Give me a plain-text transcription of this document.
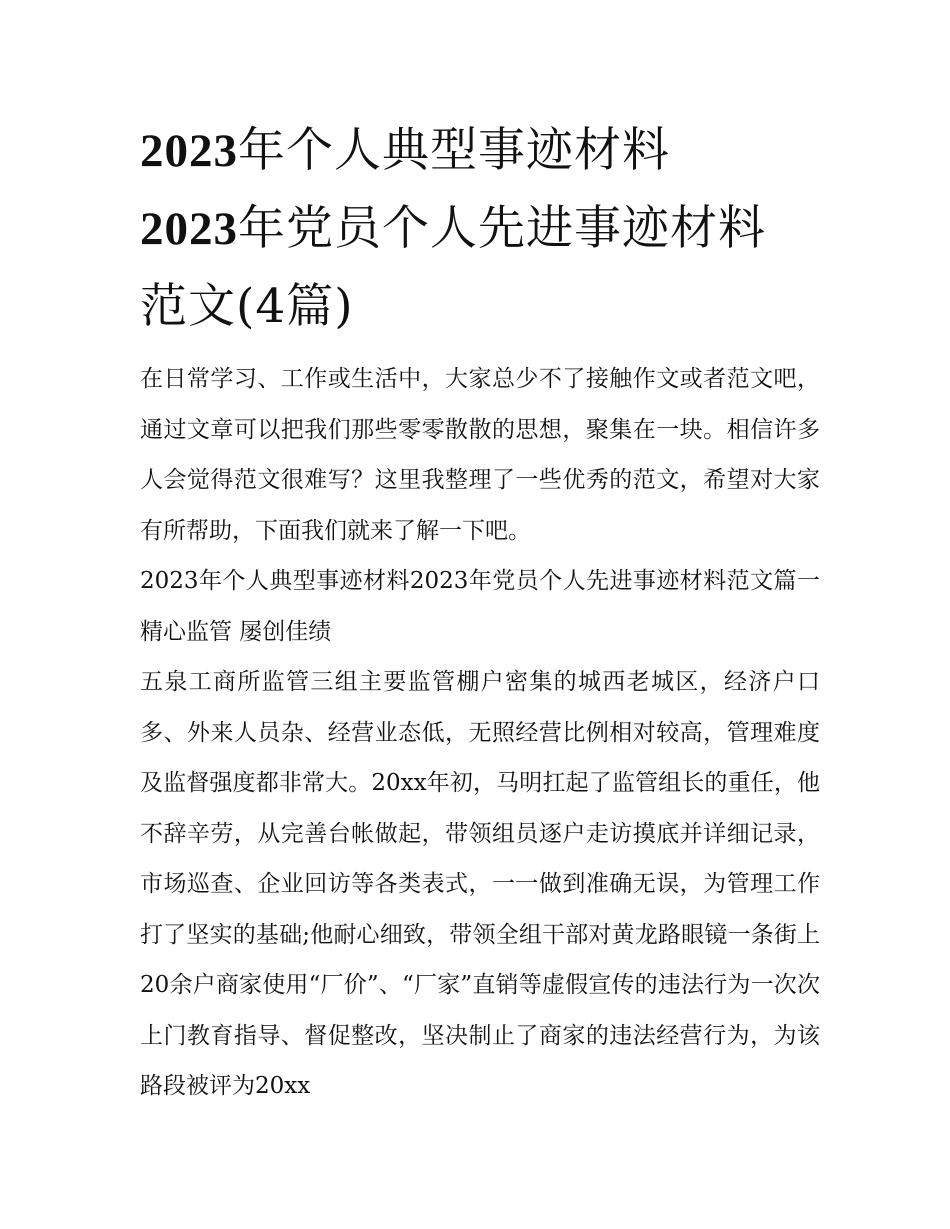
2023年个人典型事迹材料
2023年党员个人先进事迹材料
范文(4篇)

在日常学习、工作或生活中，大家总少不了接触作文或者范文吧，通过文章可以把我们那些零零散散的思想，聚集在一块。相信许多人会觉得范文很难写？这里我整理了一些优秀的范文，希望对大家有所帮助，下面我们就来了解一下吧。

2023年个人典型事迹材料2023年党员个人先进事迹材料范文篇一 精心监管 屡创佳绩

五泉工商所监管三组主要监管棚户密集的城西老城区，经济户口多、外来人员杂、经营业态低，无照经营比例相对较高，管理难度及监督强度都非常大。20xx年初，马明扛起了监管组长的重任，他不辞辛劳，从完善台帐做起，带领组员逐户走访摸底并详细记录，市场巡查、企业回访等各类表式，一一做到准确无误，为管理工作打了坚实的基础;他耐心细致，带领全组干部对黄龙路眼镜一条街上20余户商家使用“厂价”、“厂家”直销等虚假宣传的违法行为一次次上门教育指导、督促整改，坚决制止了商家的违法经营行为，为该路段被评为20xx
